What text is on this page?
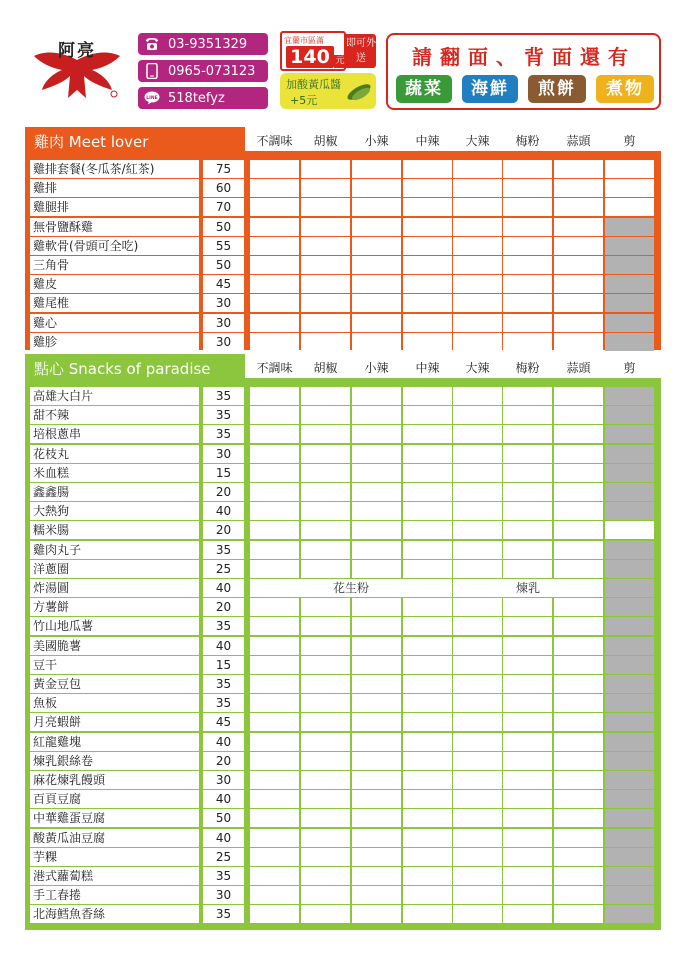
阿亮	03-9351329
0965-073123
LINE 518tefyz
宜蘭市區滿
140 元
即可外送
加酸黃瓜醬
+5元
請翻面、背面還有
蔬菜	海鮮	煎餅	煮物
雞肉 Meet lover	不調味	胡椒	小辣	中辣	大辣	梅粉	蒜頭	剪
雞排套餐(冬瓜茶/紅茶)	75
雞排	60
雞腿排	70
無骨鹽酥雞	50
雞軟骨(骨頭可全吃)	55
三角骨	50
雞皮	45
雞尾椎	30
雞心	30
雞胗	30
點心 Snacks of paradise	不調味	胡椒	小辣	中辣	大辣	梅粉	蒜頭	剪
高雄大白片	35
甜不辣	35
培根蔥串	35
花枝丸	30
米血糕	15
鑫鑫腸	20
大熱狗	40
糯米腸	20
雞肉丸子	35
洋蔥圈	25
炸湯圓	40	花生粉	煉乳
方薯餅	20
竹山地瓜薯	35
美國脆薯	40
豆干	15
黃金豆包	35
魚板	35
月亮蝦餅	45
紅龍雞塊	40
煉乳銀絲卷	20
麻花煉乳饅頭	30
百頁豆腐	40
中華雞蛋豆腐	50
酸黃瓜油豆腐	40
芋粿	25
港式蘿蔔糕	35
手工春捲	30
北海鱈魚香絲	35
